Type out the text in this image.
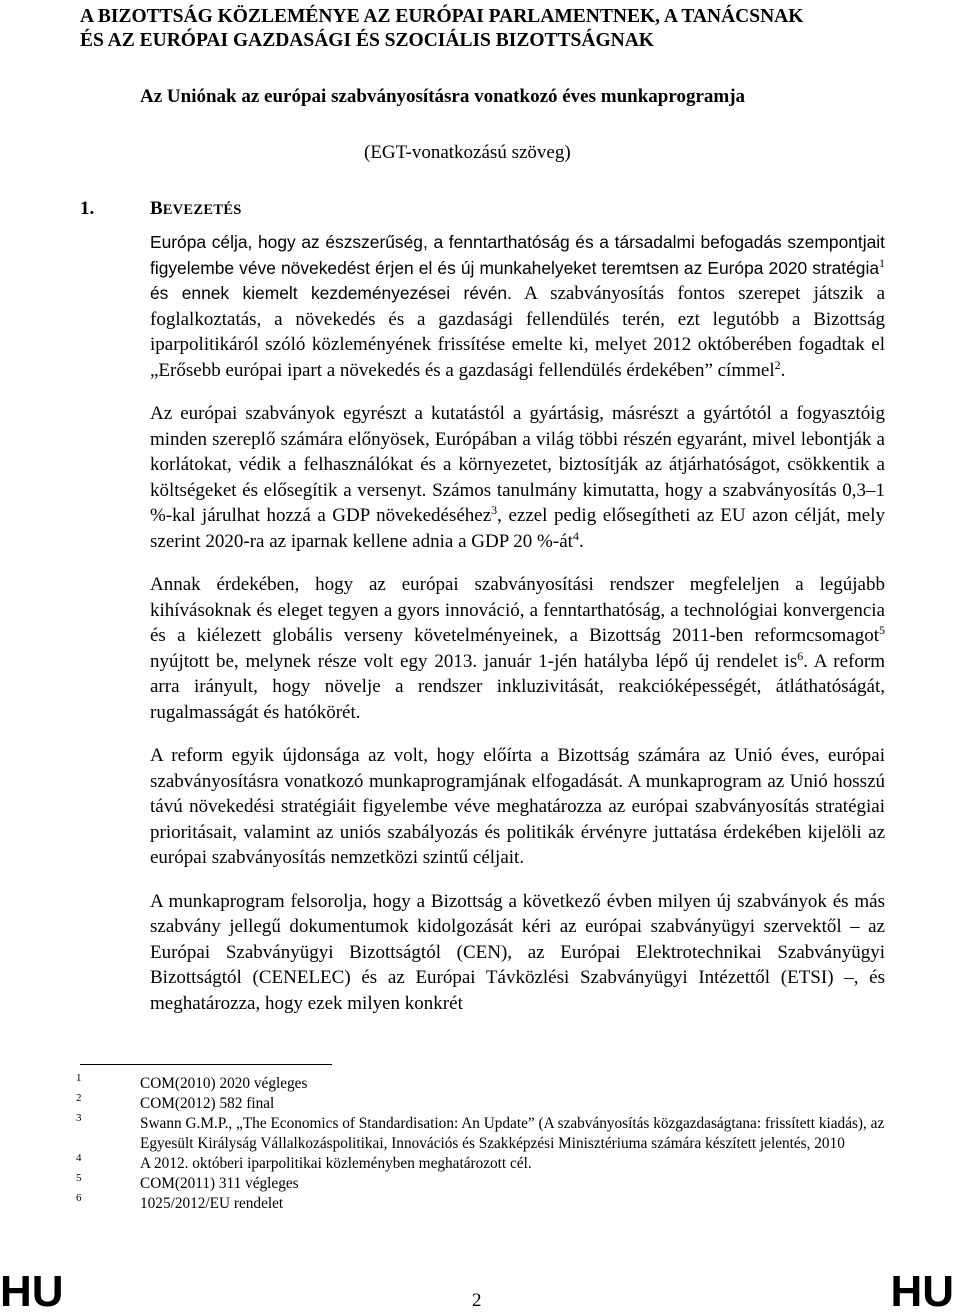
A BIZOTTSÁG KÖZLEMÉNYE AZ EURÓPAI PARLAMENTNEK, A TANÁCSNAK
ÉS AZ EURÓPAI GAZDASÁGI ÉS SZOCIÁLIS BIZOTTSÁGNAK
Az Uniónak az európai szabványosításra vonatkozó éves munkaprogramja
(EGT-vonatkozású szöveg)
1.	BEVEZETÉS

Európa célja, hogy az észszerűség, a fenntarthatóság és a társadalmi befogadás szempontjait figyelembe véve növekedést érjen el és új munkahelyeket teremtsen az Európa 2020 stratégia$^1$ és ennek kiemelt kezdeményezései révén. A szabványosítás fontos szerepet játszik a foglalkoztatás, a növekedés és a gazdasági fellendülés terén, ezt legutóbb a Bizottság iparpolitikáról szóló közleményének frissítése emelte ki, melyet 2012 októberében fogadtak el „Erősebb európai ipart a növekedés és a gazdasági fellendülés érdekében” címmel$^2$.

Az európai szabványok egyrészt a kutatástól a gyártásig, másrészt a gyártótól a fogyasztóig minden szereplő számára előnyösek, Európában a világ többi részén egyaránt, mivel lebontják a korlátokat, védik a felhasználókat és a környezetet, biztosítják az átjárhatóságot, csökkentik a költségeket és elősegítik a versenyt. Számos tanulmány kimutatta, hogy a szabványosítás 0,3–1 %-kal járulhat hozzá a GDP növekedéséhez$^3$, ezzel pedig elősegítheti az EU azon célját, mely szerint 2020-ra az iparnak kellene adnia a GDP 20 $\%-át^4$.

Annak érdekében, hogy az európai szabványosítási rendszer megfeleljen a legújabb kihívásoknak és eleget tegyen a gyors innováció, a fenntarthatóság, a technológiai konvergencia és a kiélezett globális verseny követelményeinek, a Bizottság 2011-ben reformcsomagot$^5$ nyújtott be, melynek része volt egy 2013. január 1-jén hatályba lépő új rendelet $is^6$. A reform arra irányult, hogy növelje a rendszer inkluzivitását, reakcióképességét, átláthatóságát, rugalmasságát és hatókörét.

A reform egyik újdonsága az volt, hogy előírta a Bizottság számára az Unió éves, európai szabványosításra vonatkozó munkaprogramjának elfogadását. A munkaprogram az Unió hosszú távú növekedési stratégiáit figyelembe véve meghatározza az európai szabványosítás stratégiai prioritásait, valamint az uniós szabályozás és politikák érvényre juttatása érdekében kijelöli az európai szabványosítás nemzetközi szintű céljait.

A munkaprogram felsorolja, hogy a Bizottság a következő évben milyen új szabványok és más szabvány jellegű dokumentumok kidolgozását kéri az európai szabványügyi szervektől – az Európai Szabványügyi Bizottságtól (CEN), az Európai Elektrotechnikai Szabványügyi Bizottságtól (CENELEC) és az Európai Távközlési Szabványügyi Intézettől (ETSI) –, és meghatározza, hogy ezek milyen konkrét

1	COM(2010) 2020 végleges
2	COM(2012) 582 final
3	Swann G.M.P., „The Economics of Standardisation: An Update” (A szabványosítás közgazdaságtana: frissített kiadás), az Egyesült Királyság Vállalkozáspolitikai, Innovációs és Szakképzési Minisztériuma számára készített jelentés, 2010
4	A 2012. októberi iparpolitikai közleményben meghatározott cél.
5	COM(2011) 311 végleges
6	1025/2012/EU rendelet
HU	2	HU
